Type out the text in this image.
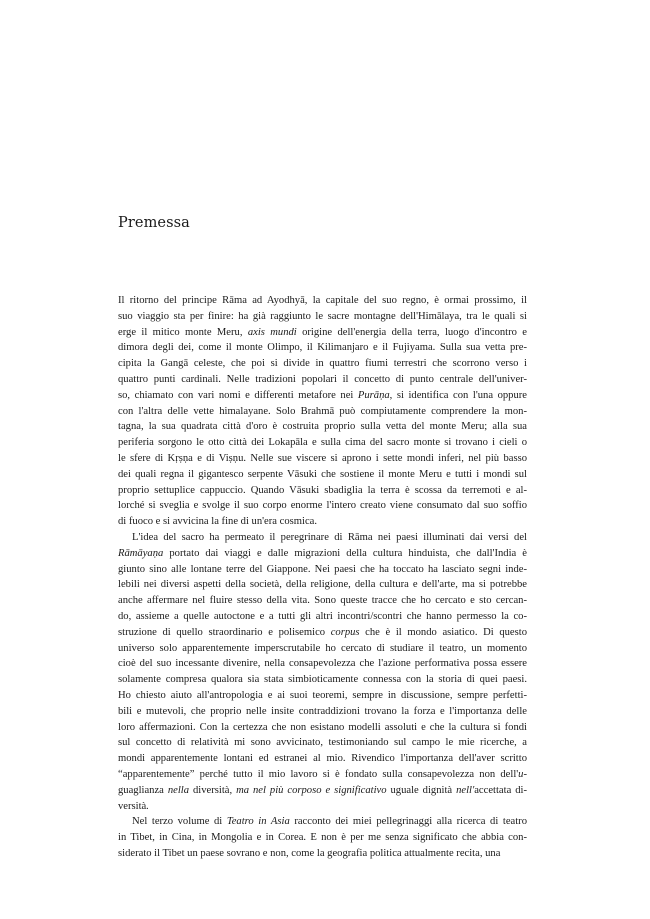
Premessa
Il ritorno del principe Rāma ad Ayodhyā, la capitale del suo regno, è ormai prossimo, il
suo viaggio sta per finire: ha già raggiunto le sacre montagne dell'Himālaya, tra le quali si
erge il mitico monte Meru, axis mundi origine dell'energia della terra, luogo d'incontro e
dimora degli dei, come il monte Olimpo, il Kilimanjaro e il Fujiyama. Sulla sua vetta pre-
cipita la Gangā celeste, che poi si divide in quattro fiumi terrestri che scorrono verso i
quattro punti cardinali. Nelle tradizioni popolari il concetto di punto centrale dell'univer-
so, chiamato con vari nomi e differenti metafore nei Purāṇa, si identifica con l'una oppure
con l'altra delle vette himalayane. Solo Brahmā può compiutamente comprendere la mon-
tagna, la sua quadrata città d'oro è costruita proprio sulla vetta del monte Meru; alla sua
periferia sorgono le otto città dei Lokapāla e sulla cima del sacro monte si trovano i cieli o
le sfere di Kṛṣṇa e di Viṣṇu. Nelle sue viscere si aprono i sette mondi inferi, nel più basso
dei quali regna il gigantesco serpente Vāsuki che sostiene il monte Meru e tutti i mondi sul
proprio settuplice cappuccio. Quando Vāsuki sbadiglia la terra è scossa da terremoti e al-
lorché si sveglia e svolge il suo corpo enorme l'intero creato viene consumato dal suo soffio
di fuoco e si avvicina la fine di un'era cosmica.
L'idea del sacro ha permeato il peregrinare di Rāma nei paesi illuminati dai versi del
Rāmāyaṇa portato dai viaggi e dalle migrazioni della cultura hinduista, che dall'India è
giunto sino alle lontane terre del Giappone. Nei paesi che ha toccato ha lasciato segni inde-
lebili nei diversi aspetti della società, della religione, della cultura e dell'arte, ma si potrebbe
anche affermare nel fluire stesso della vita. Sono queste tracce che ho cercato e sto cercan-
do, assieme a quelle autoctone e a tutti gli altri incontri/scontri che hanno permesso la co-
struzione di quello straordinario e polisemico corpus che è il mondo asiatico. Di questo
universo solo apparentemente imperscrutabile ho cercato di studiare il teatro, un momento
cioè del suo incessante divenire, nella consapevolezza che l'azione performativa possa essere
solamente compresa qualora sia stata simbioticamente connessa con la storia di quei paesi.
Ho chiesto aiuto all'antropologia e ai suoi teoremi, sempre in discussione, sempre perfetti-
bili e mutevoli, che proprio nelle insite contraddizioni trovano la forza e l'importanza delle
loro affermazioni. Con la certezza che non esistano modelli assoluti e che la cultura si fondi
sul concetto di relatività mi sono avvicinato, testimoniando sul campo le mie ricerche, a
mondi apparentemente lontani ed estranei al mio. Rivendico l'importanza dell'aver scritto
“apparentemente” perché tutto il mio lavoro si è fondato sulla consapevolezza non dell'u-
guaglianza nella diversità, ma nel più corposo e significativo uguale dignità nell'accettata di-
versità.
Nel terzo volume di Teatro in Asia racconto dei miei pellegrinaggi alla ricerca di teatro
in Tibet, in Cina, in Mongolia e in Corea. E non è per me senza significato che abbia con-
siderato il Tibet un paese sovrano e non, come la geografia politica attualmente recita, una
